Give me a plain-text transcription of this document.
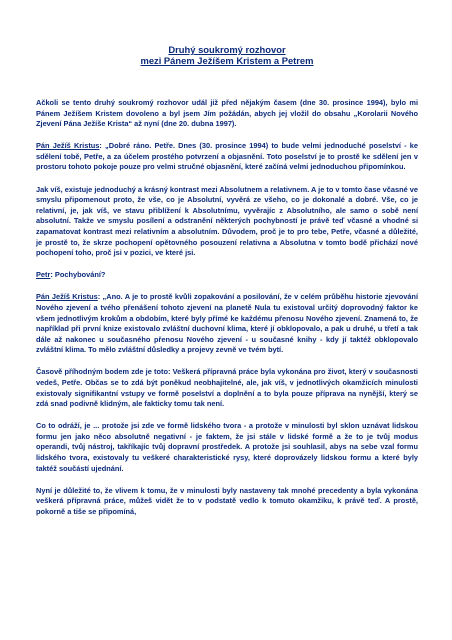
Druhý soukromý rozhovor
mezi Pánem Ježíšem Kristem a Petrem

Ačkoli se tento druhý soukromý rozhovor udál již před nějakým časem (dne 30. prosince 1994), bylo mi Pánem Ježíšem Kristem dovoleno a byl jsem Jím požádán, abych jej vložil do obsahu „Korolarii Nového Zjevení Pána Ježíše Krista“ až nyní (dne 20. dubna 1997).

Pán Ježíš Kristus: „Dobré ráno. Petře. Dnes (30. prosince 1994) to bude velmi jednoduché poselství - ke sdělení tobě, Petře, a za účelem prostého potvrzení a objasnění. Toto poselství je to prostě ke sdělení jen v prostoru tohoto pokoje pouze pro velmi stručné objasnění, které začíná velmi jednoduchou připomínkou.

Jak víš, existuje jednoduchý a krásný kontrast mezi Absolutnem a relativnem. A je to v tomto čase včasné ve smyslu připomenout proto, že vše, co je Absolutní, vyvěrá ze všeho, co je dokonalé a dobré. Vše, co je relativní, je, jak víš, ve stavu přiblížení k Absolutnímu, vyvěrajíc z Absolutního, ale samo o sobě není absolutní. Takže ve smyslu posílení a odstranění některých pochybností je právě teď včasné a vhodné si zapamatovat kontrast mezi relativním a absolutním. Důvodem, proč je to pro tebe, Petře, včasné a důležité, je prostě to, že skrze pochopení opětovného posouzení relativna a Absolutna v tomto bodě přichází nové pochopení toho, proč jsi v pozici, ve které jsi.

Petr: Pochybování?

Pán Ježíš Kristus: „Ano. A je to prostě kvůli zopakování a posilování, že v celém průběhu historie zjevování Nového zjevení a tvého přenášení tohoto zjevení na planetě Nula tu existoval určitý doprovodný faktor ke všem jednotlivým krokům a obdobím, které byly přímé ke každému přenosu Nového zjevení. Znamená to, že například při první knize existovalo zvláštní duchovní klima, které jí obklopovalo, a pak u druhé, u třetí a tak dále až nakonec u současného přenosu Nového zjevení - u současné knihy - kdy jí taktéž obklopovalo zvláštní klima. To mělo zvláštní důsledky a projevy zevně ve tvém bytí.

Časově příhodným bodem zde je toto: Veškerá přípravná práce byla vykonána pro život, který v současnosti vedeš, Petře. Občas se to zdá být poněkud neobhajitelné, ale, jak víš, v jednotlivých okamžicích minulosti existovaly signifikantní vstupy ve formě poselství a doplnění a to byla pouze příprava na nynější, který se zdá snad podivně klidným, ale fakticky tomu tak není.

Co to odráží, je ... protože jsi zde ve formě lidského tvora - a protože v minulosti byl sklon uznávat lidskou formu jen jako něco absolutně negativní - je faktem, že jsi stále v lidské formě a že to je tvůj modus operandi, tvůj nástroj, takříkajíc tvůj dopravní prostředek. A protože jsi souhlasil, abys na sebe vzal formu lidského tvora, existovaly tu veškeré charakteristické rysy, které doprovázely lidskou formu a které byly taktéž součástí ujednání.

Nyní je důležité to, že vlivem k tomu, že v minulosti byly nastaveny tak mnohé precedenty a byla vykonána veškerá přípravná práce, můžeš vidět že to v podstatě vedlo k tomuto okamžiku, k právě teď. A prostě, pokorně a tiše se připomíná,
